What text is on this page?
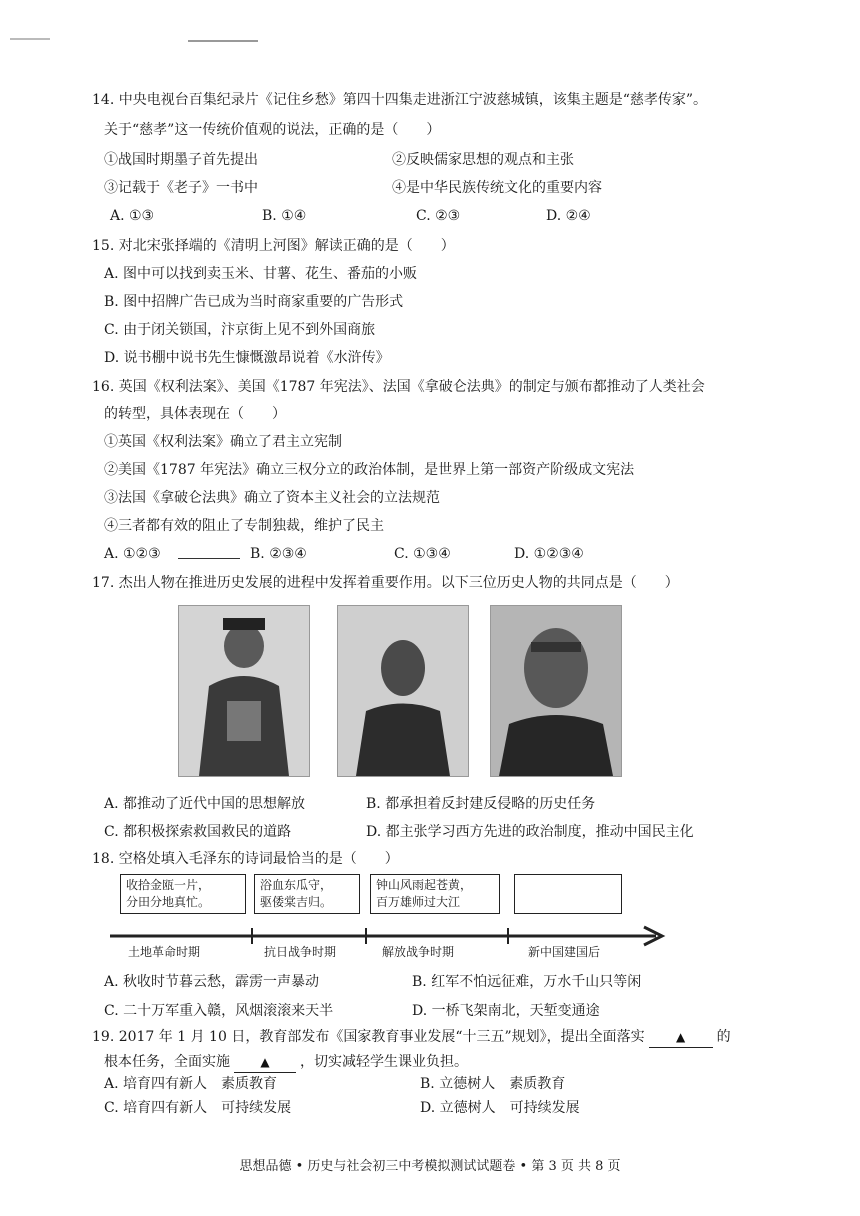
14. 中央电视台百集纪录片《记住乡愁》第四十四集走进浙江宁波慈城镇，该集主题是“慈孝传家”。
关于“慈孝”这一传统价值观的说法，正确的是（　　）
①战国时期墨子首先提出	②反映儒家思想的观点和主张
③记载于《老子》一书中	④是中华民族传统文化的重要内容
A. ①③	B. ①④	C. ②③	D. ②④
15. 对北宋张择端的《清明上河图》解读正确的是（　　）
A. 图中可以找到卖玉米、甘薯、花生、番茄的小贩
B. 图中招牌广告已成为当时商家重要的广告形式
C. 由于闭关锁国，汴京街上见不到外国商旅
D. 说书棚中说书先生慷慨激昂说着《水浒传》
16. 英国《权利法案》、美国《1787 年宪法》、法国《拿破仑法典》的制定与颁布都推动了人类社会
的转型，具体表现在（　　）
①英国《权利法案》确立了君主立宪制
②美国《1787 年宪法》确立三权分立的政治体制，是世界上第一部资产阶级成文宪法
③法国《拿破仑法典》确立了资本主义社会的立法规范
④三者都有效的阻止了专制独裁，维护了民主
A. ①②③	B. ②③④	C. ①③④	D. ①②③④
17. 杰出人物在推进历史发展的进程中发挥着重要作用。以下三位历史人物的共同点是（　　）
A. 都推动了近代中国的思想解放	B. 都承担着反封建反侵略的历史任务
C. 都积极探索救国救民的道路	D. 都主张学习西方先进的政治制度，推动中国民主化
18. 空格处填入毛泽东的诗词最恰当的是（　　）
收拾金瓯一片，
分田分地真忙。
浴血东瓜守，
驱倭棠吉归。
钟山风雨起苍黄，
百万雄师过大江
土地革命时期	抗日战争时期	解放战争时期	新中国建国后
A. 秋收时节暮云愁，霹雳一声暴动	B. 红军不怕远征难，万水千山只等闲
C. 二十万军重入赣，风烟滚滚来天半	D. 一桥飞架南北，天堑变通途
19. 2017 年 1 月 10 日，教育部发布《国家教育事业发展“十三五”规划》，提出全面落实	▲ 的
根本任务，全面实施	▲ ，切实减轻学生课业负担。
A. 培育四有新人　素质教育	B. 立德树人　素质教育
C. 培育四有新人　可持续发展	D. 立德树人　可持续发展
思想品德 • 历史与社会初三中考模拟测试试题卷 • 第 3 页 共 8 页
